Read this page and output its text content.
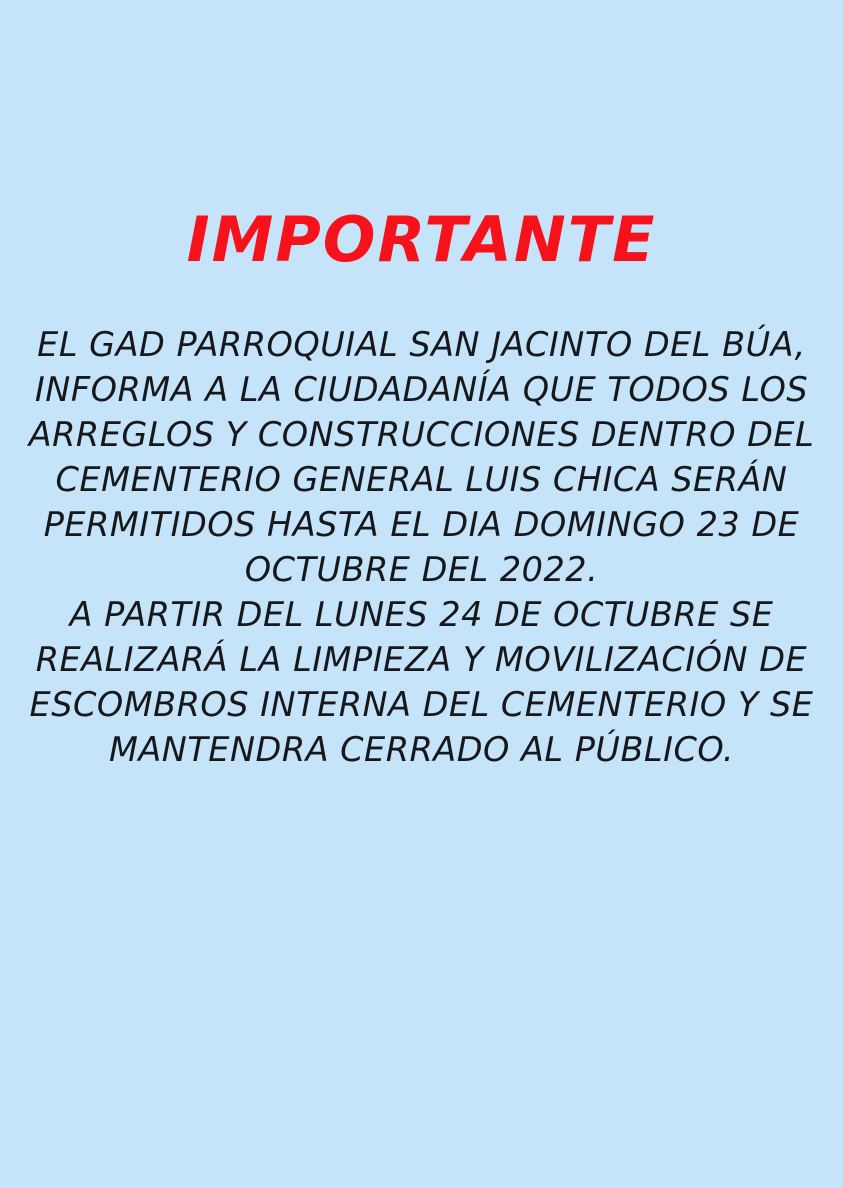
IMPORTANTE

EL GAD PARROQUIAL SAN JACINTO DEL BÚA, INFORMA A LA CIUDADANÍA QUE TODOS LOS ARREGLOS Y CONSTRUCCIONES DENTRO DEL CEMENTERIO GENERAL LUIS CHICA SERÁN PERMITIDOS HASTA EL DIA DOMINGO 23 DE OCTUBRE DEL 2022.

A PARTIR DEL LUNES 24 DE OCTUBRE SE REALIZARÁ LA LIMPIEZA Y MOVILIZACIÓN DE ESCOMBROS INTERNA DEL CEMENTERIO Y SE MANTENDRA CERRADO AL PÚBLICO.
